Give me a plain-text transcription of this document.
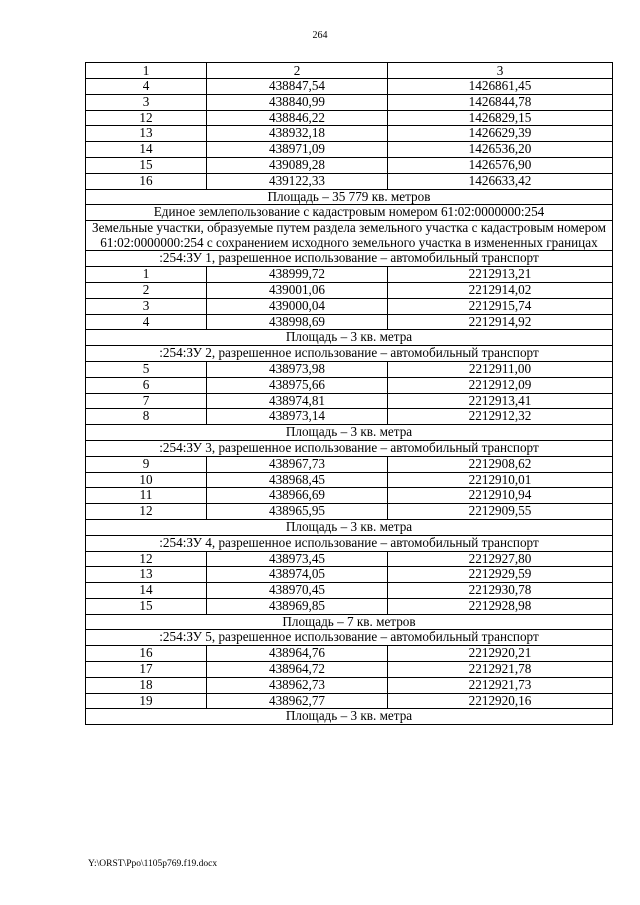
264
1	2	3
4	438847,54	1426861,45
3	438840,99	1426844,78
12	438846,22	1426829,15
13	438932,18	1426629,39
14	438971,09	1426536,20
15	439089,28	1426576,90
16	439122,33	1426633,42
Площадь – 35 779 кв. метров		
Единое землепользование с кадастровым номером 61:02:0000000:254		
Земельные участки, образуемые путем раздела земельного участка с кадастровым номером 61:02:0000000:254 с сохранением исходного земельного участка в измененных границах		
:254:ЗУ 1, разрешенное использование – автомобильный транспорт		
1	438999,72	2212913,21
2	439001,06	2212914,02
3	439000,04	2212915,74
4	438998,69	2212914,92
Площадь – 3 кв. метра		
:254:ЗУ 2, разрешенное использование – автомобильный транспорт		
5	438973,98	2212911,00
6	438975,66	2212912,09
7	438974,81	2212913,41
8	438973,14	2212912,32
Площадь – 3 кв. метра		
:254:ЗУ 3, разрешенное использование – автомобильный транспорт		
9	438967,73	2212908,62
10	438968,45	2212910,01
11	438966,69	2212910,94
12	438965,95	2212909,55
Площадь – 3 кв. метра		
:254:ЗУ 4, разрешенное использование – автомобильный транспорт		
12	438973,45	2212927,80
13	438974,05	2212929,59
14	438970,45	2212930,78
15	438969,85	2212928,98
Площадь – 7 кв. метров		
:254:ЗУ 5, разрешенное использование – автомобильный транспорт		
16	438964,76	2212920,21
17	438964,72	2212921,78
18	438962,73	2212921,73
19	438962,77	2212920,16
Площадь – 3 кв. метра		
Y:\ORST\Ppo\1105p769.f19.docx
